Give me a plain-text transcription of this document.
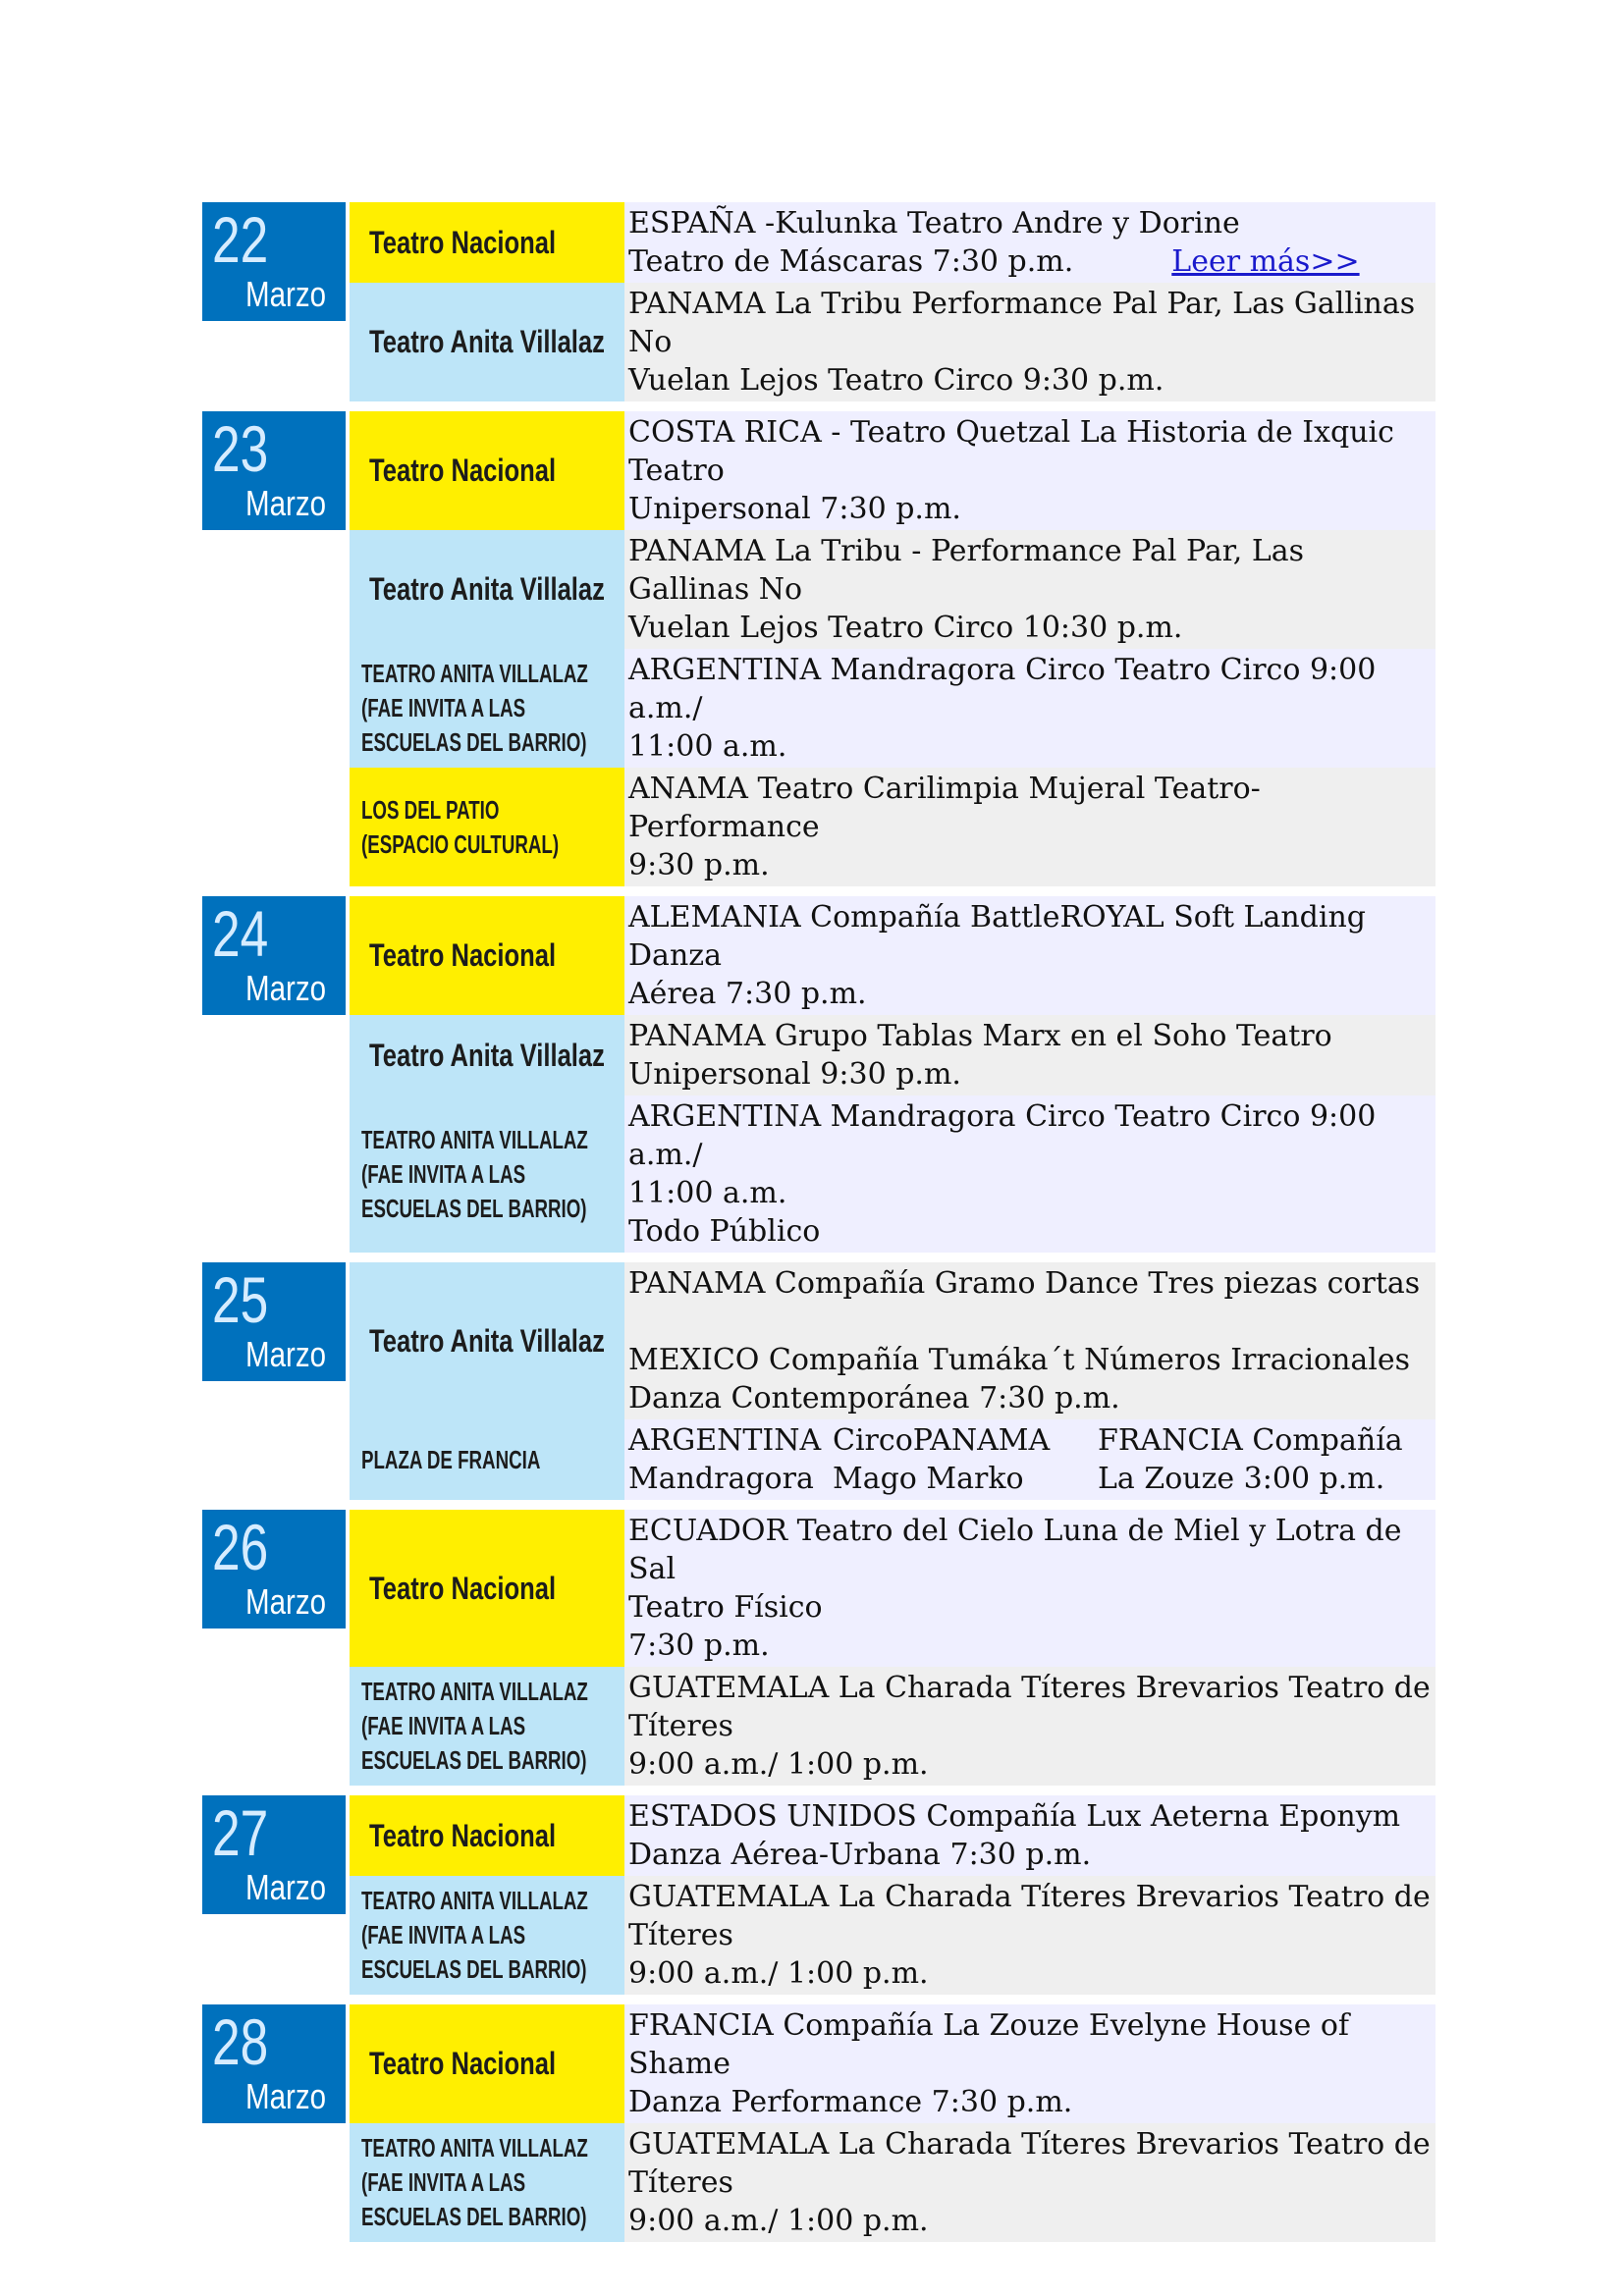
22
Marzo
Teatro Nacional
ESPAÑA -Kulunka Teatro Andre y Dorine
Teatro de Máscaras 7:30 p.m.	Leer más>>
Teatro Anita Villalaz
PANAMA La Tribu Performance Pal Par, Las Gallinas No
Vuelan Lejos Teatro Circo 9:30 p.m.
23
Marzo
Teatro Nacional
COSTA RICA - Teatro Quetzal La Historia de Ixquic Teatro
Unipersonal 7:30 p.m.
Teatro Anita Villalaz
PANAMA La Tribu - Performance Pal Par, Las Gallinas No
Vuelan Lejos Teatro Circo 10:30 p.m.
TEATRO ANITA VILLALAZ
(FAE INVITA A LAS
ESCUELAS DEL BARRIO)
ARGENTINA Mandragora Circo Teatro Circo 9:00 a.m./
11:00 a.m.
LOS DEL PATIO
(ESPACIO CULTURAL)
ANAMA Teatro Carilimpia Mujeral Teatro-Performance
9:30 p.m.
24
Marzo
Teatro Nacional
ALEMANIA Compañía BattleROYAL Soft Landing Danza
Aérea 7:30 p.m.
Teatro Anita Villalaz
PANAMA Grupo Tablas Marx en el Soho Teatro
Unipersonal 9:30 p.m.
TEATRO ANITA VILLALAZ
(FAE INVITA A LAS
ESCUELAS DEL BARRIO)
ARGENTINA Mandragora Circo Teatro Circo 9:00 a.m./
11:00 a.m.
Todo Público
25
Marzo Teatro Anita Villalaz
PANAMA Compañía Gramo Dance Tres piezas cortas

MEXICO Compañía Tumáka´t Números Irracionales
Danza Contemporánea 7:30 p.m.
PLAZA DE FRANCIA
ARGENTINA
Mandragora
CircoPANAMA
Mago Marko
FRANCIA Compañía
La Zouze 3:00 p.m.
26
Marzo Teatro Nacional
ECUADOR Teatro del Cielo Luna de Miel y Lotra de Sal
Teatro Físico
7:30 p.m.
TEATRO ANITA VILLALAZ
(FAE INVITA A LAS
ESCUELAS DEL BARRIO)
GUATEMALA La Charada Títeres Brevarios Teatro de
Títeres
9:00 a.m./ 1:00 p.m.
27
Marzo
Teatro Nacional
ESTADOS UNIDOS Compañía Lux Aeterna Eponym
Danza Aérea-Urbana 7:30 p.m.
TEATRO ANITA VILLALAZ
(FAE INVITA A LAS
ESCUELAS DEL BARRIO)
GUATEMALA La Charada Títeres Brevarios Teatro de
Títeres
9:00 a.m./ 1:00 p.m.
28
Marzo
Teatro Nacional
FRANCIA Compañía La Zouze Evelyne House of Shame
Danza Performance 7:30 p.m.
TEATRO ANITA VILLALAZ
(FAE INVITA A LAS
ESCUELAS DEL BARRIO)
GUATEMALA La Charada Títeres Brevarios Teatro de
Títeres
9:00 a.m./ 1:00 p.m.
